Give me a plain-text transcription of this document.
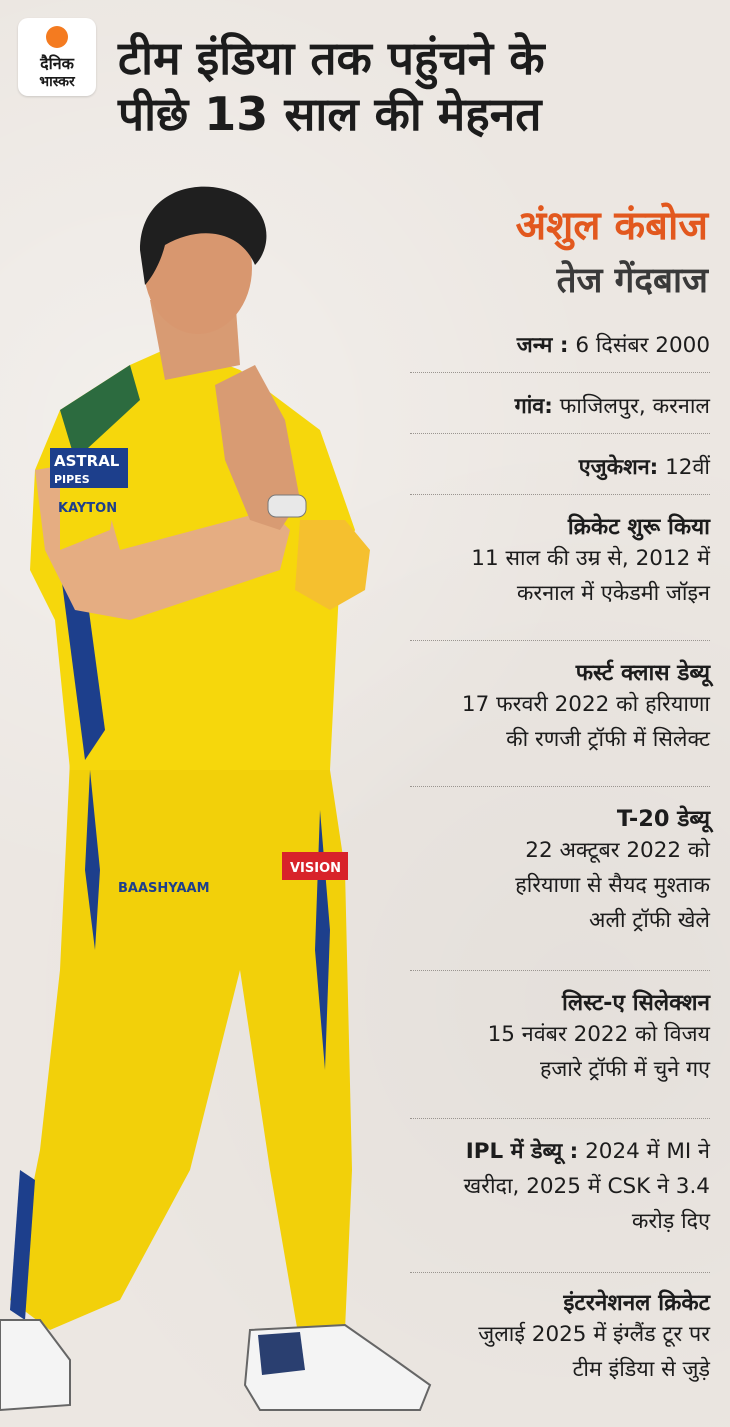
दैनिक
भास्कर टीम इंडिया तक पहुंचने के
पीछे 13 साल की मेहनत
ASTRAL
PIPES
KAYTON
BAASHYAAM
VISION
अंशुल कंबोज
तेज गेंदबाज
जन्म : 6 दिसंबर 2000
गांव: फाजिलपुर, करनाल
एजुकेशन: 12वीं
क्रिकेट शुरू किया
11 साल की उम्र से, 2012 में
करनाल में एकेडमी जॉइन
फर्स्ट क्लास डेब्यू
17 फरवरी 2022 को हरियाणा
की रणजी ट्रॉफी में सिलेक्ट
T-20 डेब्यू
22 अक्टूबर 2022 को
हरियाणा से सैयद मुश्ताक
अली ट्रॉफी खेले
लिस्ट-ए सिलेक्शन
15 नवंबर 2022 को विजय
हजारे ट्रॉफी में चुने गए
IPL में डेब्यू : 2024 में MI ने
खरीदा, 2025 में CSK ने 3.4
करोड़ दिए
इंटरनेशनल क्रिकेट
जुलाई 2025 में इंग्लैंड टूर पर
टीम इंडिया से जुड़े
